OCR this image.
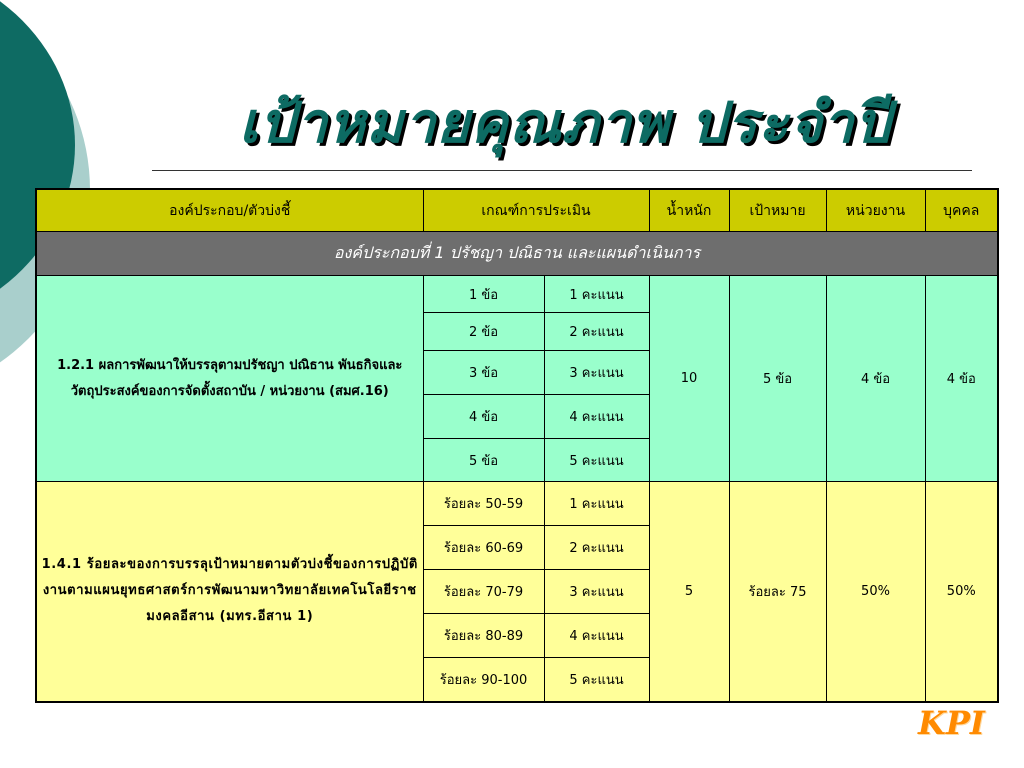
เป้าหมายคุณภาพ ประจำปี
องค์ประกอบ/ตัวบ่งชี้	เกณฑ์การประเมิน		น้ำหนัก	เป้าหมาย	หน่วยงาน	บุคคล
องค์ประกอบที่ 1 ปรัชญา ปณิธาน และแผนดำเนินการ						
1.2.1 ผลการพัฒนาให้บรรลุตามปรัชญา ปณิธาน พันธกิจและวัตถุประสงค์ของการจัดตั้งสถาบัน / หน่วยงาน (สมศ.16)	1 ข้อ	1 คะแนน	10	5 ข้อ	4 ข้อ	4 ข้อ
	2 ข้อ	2 คะแนน				
	3 ข้อ	3 คะแนน				
	4 ข้อ	4 คะแนน				
	5 ข้อ	5 คะแนน				
1.4.1 ร้อยละของการบรรลุเป้าหมายตามตัวบ่งชี้ของการปฏิบัติงานตามแผนยุทธศาสตร์การพัฒนามหาวิทยาลัยเทคโนโลยีราชมงคลอีสาน (มทร.อีสาน 1)	ร้อยละ 50-59	1 คะแนน	5	ร้อยละ 75	50%	50%
	ร้อยละ 60-69	2 คะแนน				
	ร้อยละ 70-79	3 คะแนน				
	ร้อยละ 80-89	4 คะแนน				
	ร้อยละ 90-100	5 คะแนน				
KPI
